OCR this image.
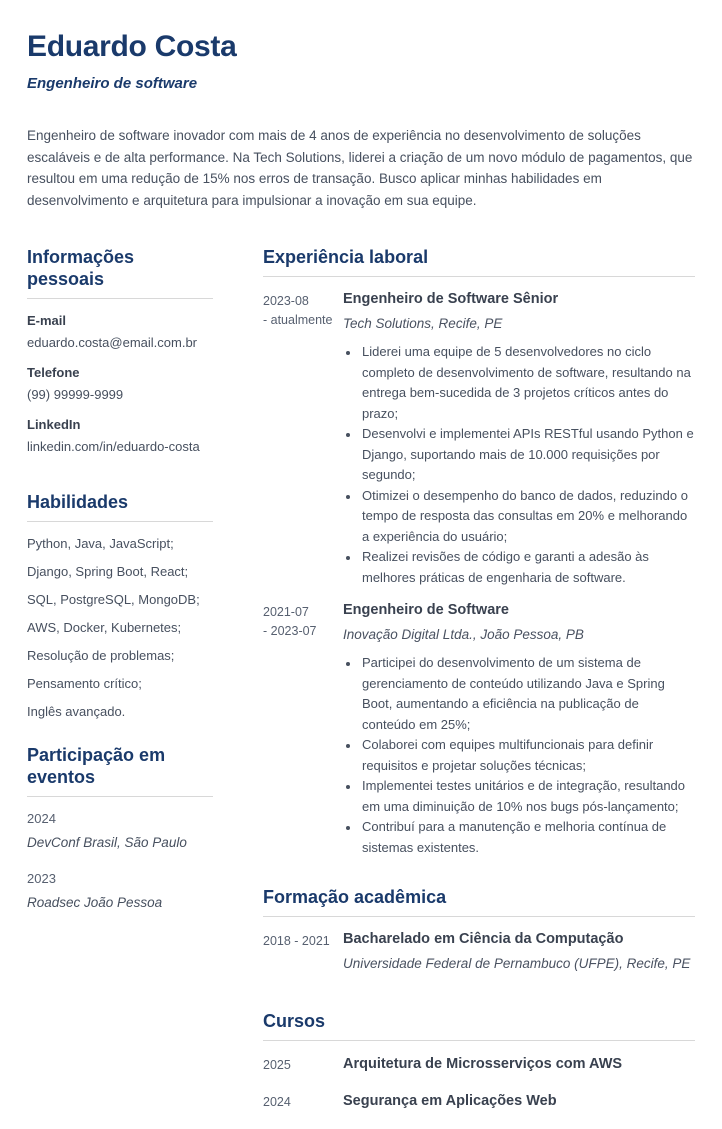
Eduardo Costa
Engenheiro de software

Engenheiro de software inovador com mais de 4 anos de experiência no desenvolvimento de soluções escaláveis e de alta performance. Na Tech Solutions, liderei a criação de um novo módulo de pagamentos, que resultou em uma redução de 15% nos erros de transação. Busco aplicar minhas habilidades em desenvolvimento e arquitetura para impulsionar a inovação em sua equipe.

Informações pessoais
E-mail
eduardo.costa@email.com.br
Telefone
(99) 99999-9999
LinkedIn
linkedin.com/in/eduardo-costa
Habilidades
Python, Java, JavaScript;
Django, Spring Boot, React;
SQL, PostgreSQL, MongoDB;
AWS, Docker, Kubernetes;
Resolução de problemas;
Pensamento crítico;
Inglês avançado.
Participação em eventos
2024
DevConf Brasil, São Paulo
2023
Roadsec João Pessoa
Experiência laboral
2023-08
- atualmente
Engenheiro de Software Sênior
Tech Solutions, Recife, PE
• Liderei uma equipe de 5 desenvolvedores no ciclo completo de desenvolvimento de software, resultando na entrega bem-sucedida de 3 projetos críticos antes do prazo;
• Desenvolvi e implementei APIs RESTful usando Python e Django, suportando mais de 10.000 requisições por segundo;
• Otimizei o desempenho do banco de dados, reduzindo o tempo de resposta das consultas em 20% e melhorando a experiência do usuário;
• Realizei revisões de código e garanti a adesão às melhores práticas de engenharia de software.
2021-07
- 2023-07
Engenheiro de Software
Inovação Digital Ltda., João Pessoa, PB
• Participei do desenvolvimento de um sistema de gerenciamento de conteúdo utilizando Java e Spring Boot, aumentando a eficiência na publicação de conteúdo em 25%;
• Colaborei com equipes multifuncionais para definir requisitos e projetar soluções técnicas;
• Implementei testes unitários e de integração, resultando em uma diminuição de 10% nos bugs pós-lançamento;
• Contribuí para a manutenção e melhoria contínua de sistemas existentes.
Formação acadêmica
2018 - 2021 Bacharelado em Ciência da Computação
Universidade Federal de Pernambuco (UFPE), Recife, PE
Cursos
2025	Arquitetura de Microsserviços com AWS
2024	Segurança em Aplicações Web
